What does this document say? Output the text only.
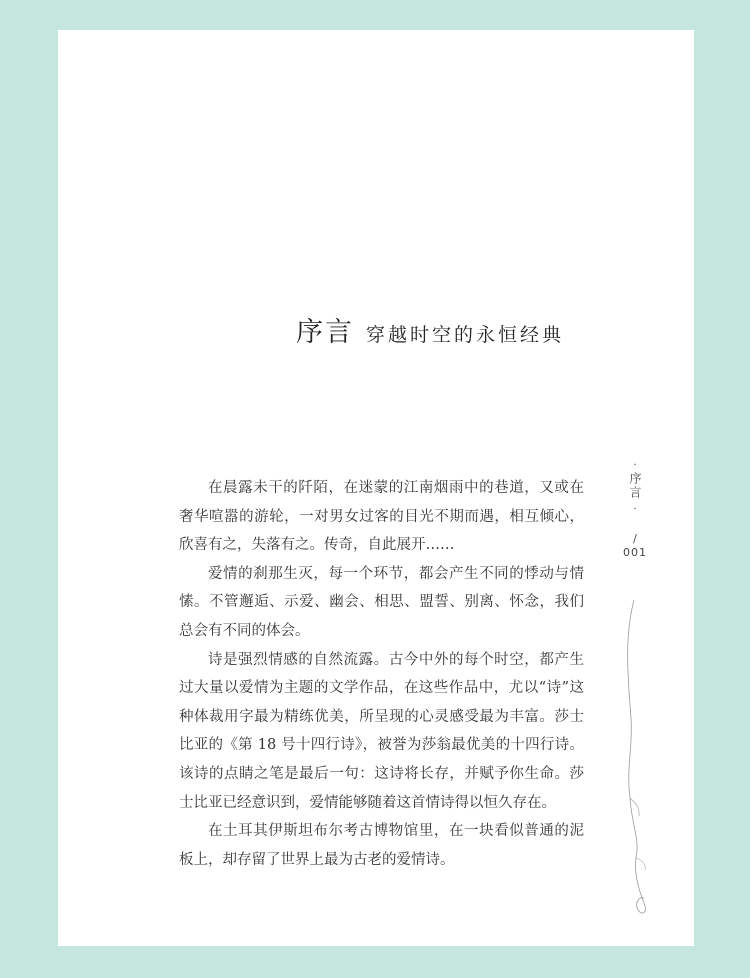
序言 穿越时空的永恒经典

在晨露未干的阡陌，在迷蒙的江南烟雨中的巷道，又或在奢华喧嚣的游轮，一对男女过客的目光不期而遇，相互倾心，欣喜有之，失落有之。传奇，自此展开……

爱情的刹那生灭，每一个环节，都会产生不同的悸动与情愫。不管邂逅、示爱、幽会、相思、盟誓、别离、怀念，我们总会有不同的体会。

诗是强烈情感的自然流露。古今中外的每个时空，都产生过大量以爱情为主题的文学作品，在这些作品中，尤以“诗”这种体裁用字最为精练优美，所呈现的心灵感受最为丰富。莎士比亚的《第 18 号十四行诗》，被誉为莎翁最优美的十四行诗。该诗的点睛之笔是最后一句：这诗将长存，并赋予你生命。莎士比亚已经意识到，爱情能够随着这首情诗得以恒久存在。

在土耳其伊斯坦布尔考古博物馆里，在一块看似普通的泥板上，却存留了世界上最为古老的爱情诗。

·
序言
·
/
001
